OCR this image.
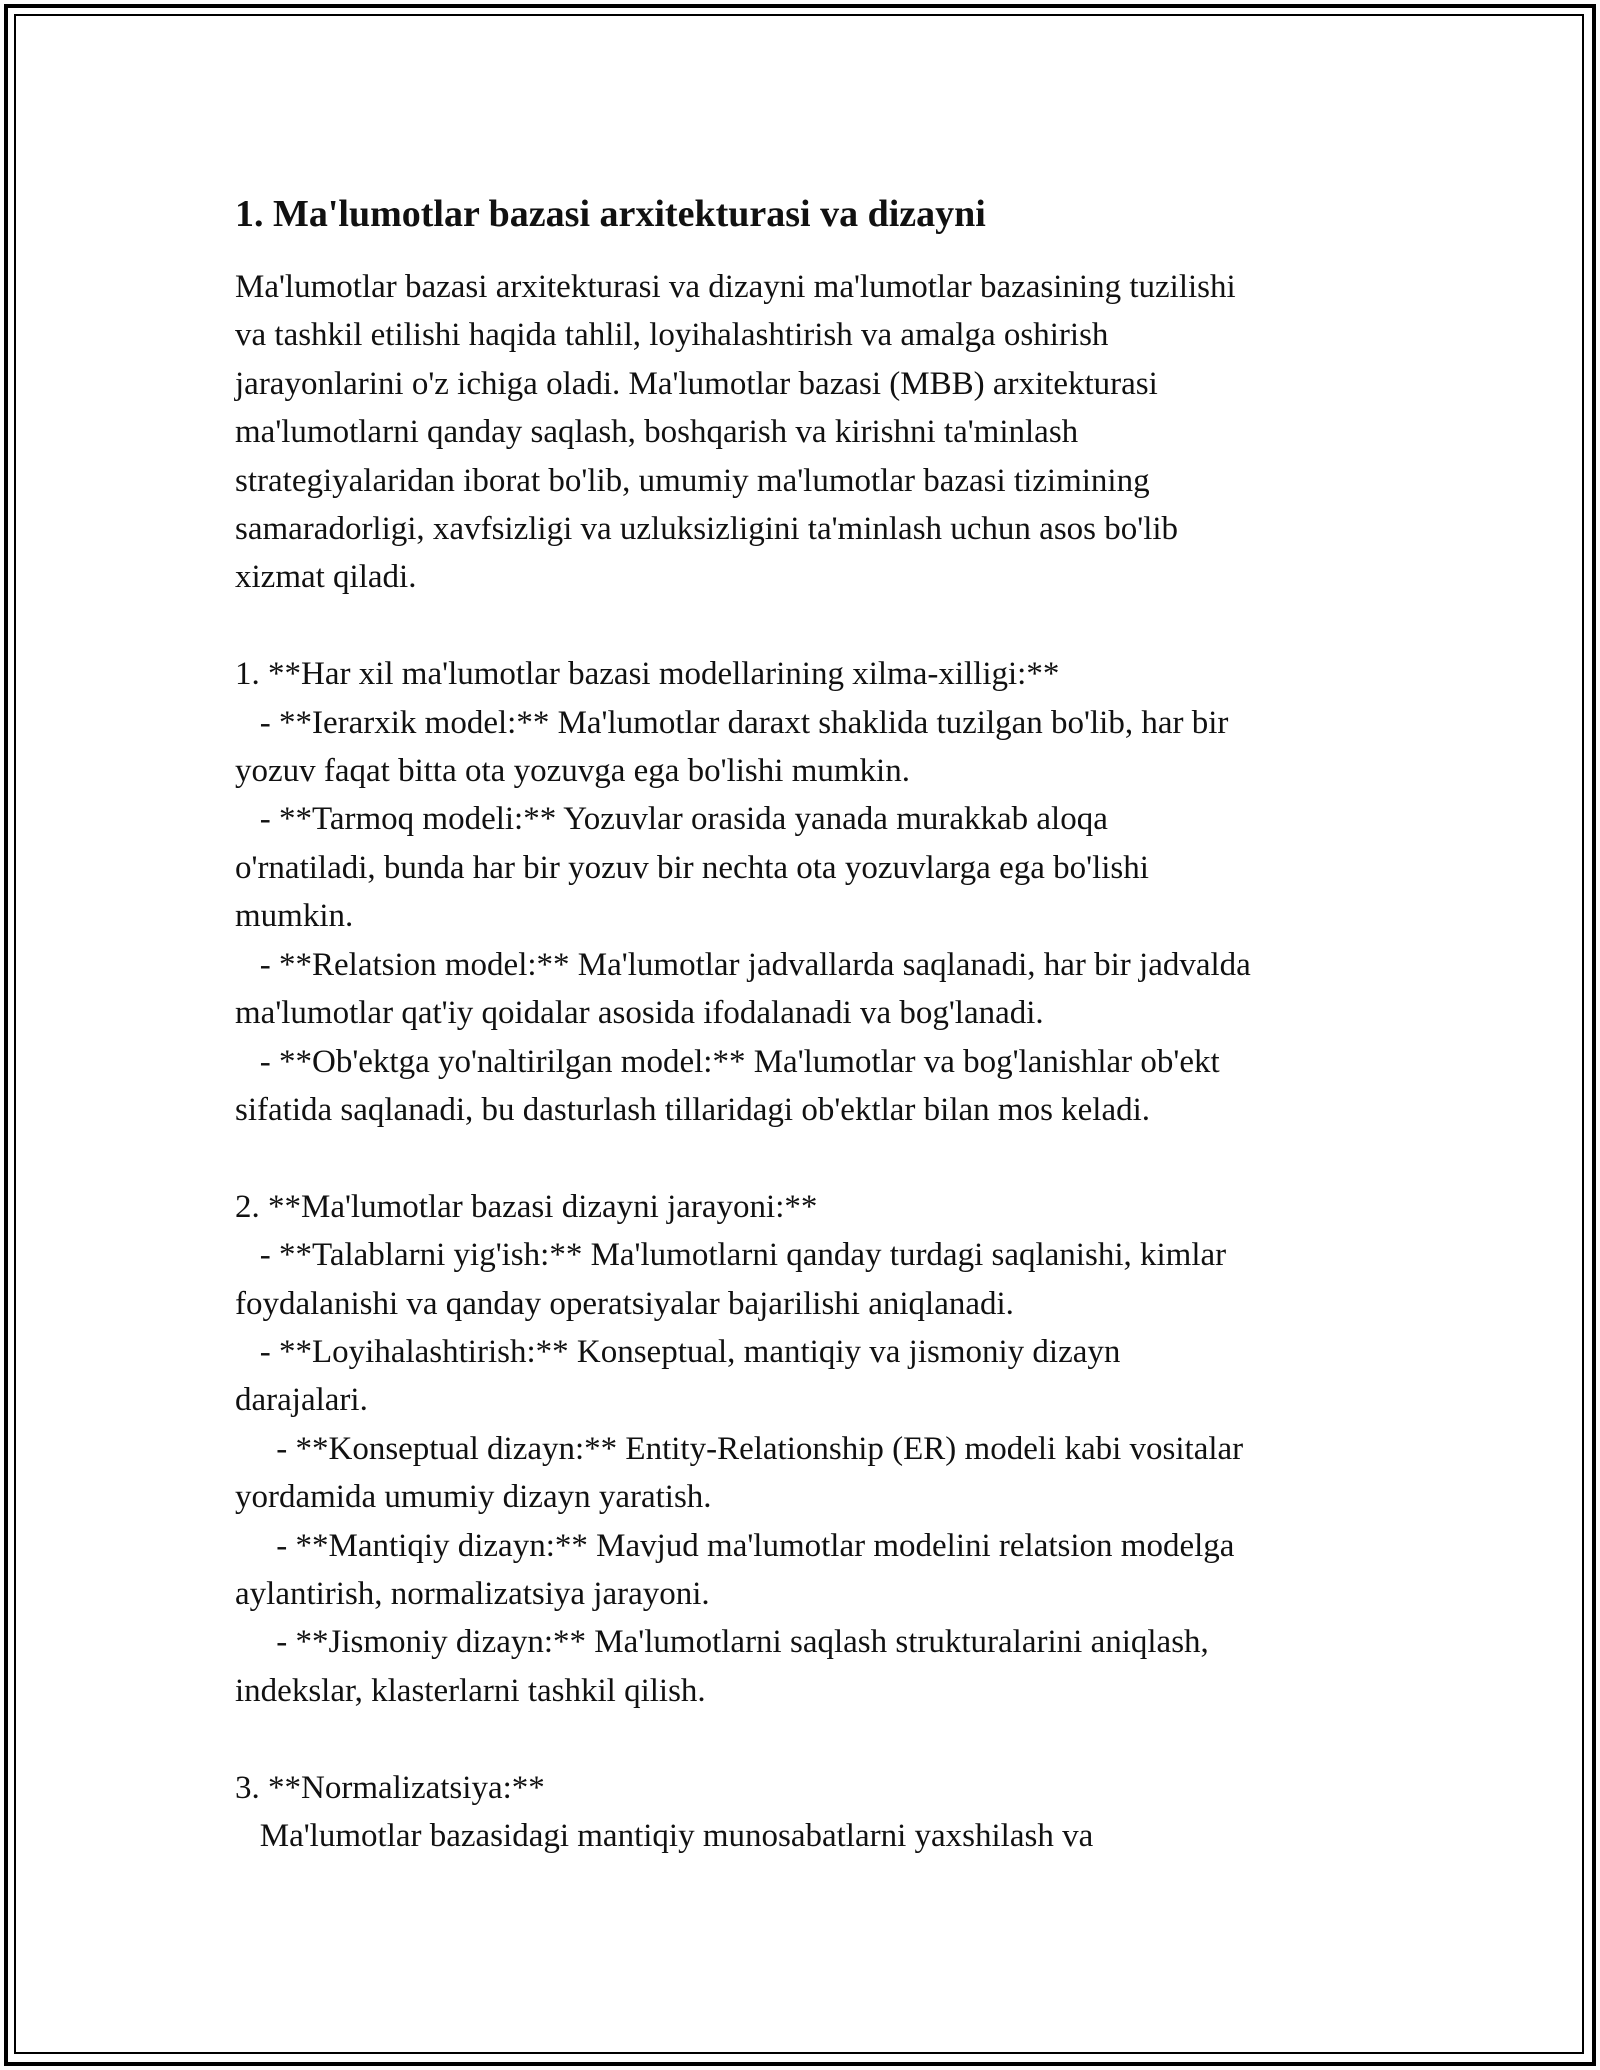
1. Ma'lumotlar bazasi arxitekturasi va dizayni

Ma'lumotlar bazasi arxitekturasi va dizayni ma'lumotlar bazasining tuzilishi
va tashkil etilishi haqida tahlil, loyihalashtirish va amalga oshirish
jarayonlarini o'z ichiga oladi. Ma'lumotlar bazasi (MBB) arxitekturasi
ma'lumotlarni qanday saqlash, boshqarish va kirishni ta'minlash
strategiyalaridan iborat bo'lib, umumiy ma'lumotlar bazasi tizimining
samaradorligi, xavfsizligi va uzluksizligini ta'minlash uchun asos bo'lib
xizmat qiladi.

1. **Har xil ma'lumotlar bazasi modellarining xilma-xilligi:**
- **Ierarxik model:** Ma'lumotlar daraxt shaklida tuzilgan bo'lib, har bir
yozuv faqat bitta ota yozuvga ega bo'lishi mumkin.
- **Tarmoq modeli:** Yozuvlar orasida yanada murakkab aloqa
o'rnatiladi, bunda har bir yozuv bir nechta ota yozuvlarga ega bo'lishi
mumkin.
- **Relatsion model:** Ma'lumotlar jadvallarda saqlanadi, har bir jadvalda
ma'lumotlar qat'iy qoidalar asosida ifodalanadi va bog'lanadi.
- **Ob'ektga yo'naltirilgan model:** Ma'lumotlar va bog'lanishlar ob'ekt
sifatida saqlanadi, bu dasturlash tillaridagi ob'ektlar bilan mos keladi.

2. **Ma'lumotlar bazasi dizayni jarayoni:**
- **Talablarni yig'ish:** Ma'lumotlarni qanday turdagi saqlanishi, kimlar
foydalanishi va qanday operatsiyalar bajarilishi aniqlanadi.
- **Loyihalashtirish:** Konseptual, mantiqiy va jismoniy dizayn
darajalari.
- **Konseptual dizayn:** Entity-Relationship (ER) modeli kabi vositalar
yordamida umumiy dizayn yaratish.
- **Mantiqiy dizayn:** Mavjud ma'lumotlar modelini relatsion modelga
aylantirish, normalizatsiya jarayoni.
- **Jismoniy dizayn:** Ma'lumotlarni saqlash strukturalarini aniqlash,
indekslar, klasterlarni tashkil qilish.

3. **Normalizatsiya:**
Ma'lumotlar bazasidagi mantiqiy munosabatlarni yaxshilash va
